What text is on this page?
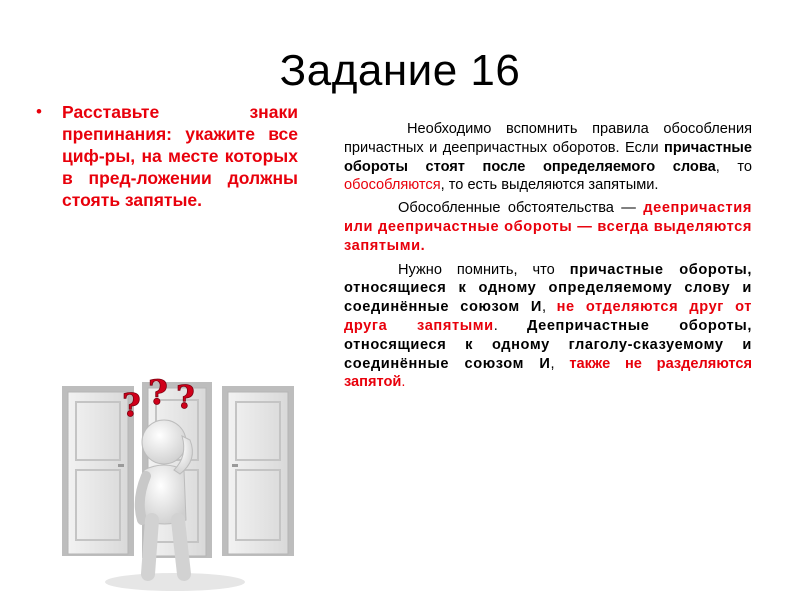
Задание 16
•	Расставьте знаки препинания: укажите все циф-ры, на месте которых в пред-ложении должны стоять запятые.

Необходимо вспомнить правила обособления причастных и деепричастных оборотов. Если причастные обороты стоят после определяемого слова, то обособляются, то есть выделяются запятыми.

Обособленные обстоятельства — деепричастия или деепричастные обороты — всегда выделяются запятыми.

Нужно помнить, что причастные обороты, относящиеся к одному определяемому слову и соединённые союзом И, не отделяются друг от друга запятыми. Деепричастные обороты, относящиеся к одному глаголу-сказуемому и соединённые союзом И, также не разделяются запятой.

? ? ?
